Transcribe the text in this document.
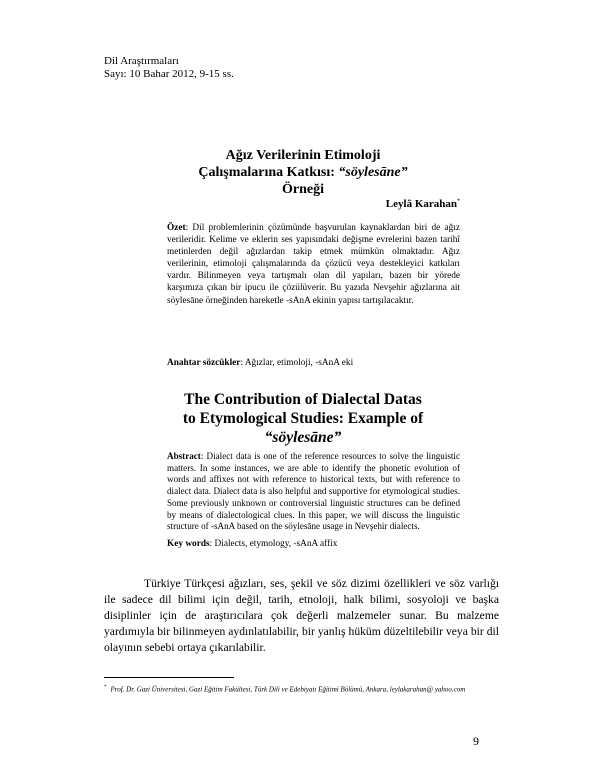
Dil Araştırmaları
Sayı: 10 Bahar 2012, 9-15 ss.
Ağız Verilerinin Etimoloji
Çalışmalarına Katkısı: “söylesāne”
Örneği
Leylâ Karahan*
Özet: Dil problemlerinin çözümünde başvurulan kaynaklardan biri de ağız verileridir. Kelime ve eklerin ses yapısındaki değişme evrelerini bazen tarihî metinlerden değil ağızlardan takip etmek mümkün olmaktadır. Ağız verilerinin, etimoloji çalışmalarında da çözücü veya destekleyici katkıları vardır. Bilinmeyen veya tartışmalı olan dil yapıları, bazen bir yörede karşımıza çıkan bir ipucu ile çözülüverir. Bu yazıda Nevşehir ağızlarına ait söylesāne örneğinden hareketle -sAnA ekinin yapısı tartışılacaktır.
Anahtar sözcükler: Ağızlar, etimoloji, -sAnA eki
The Contribution of Dialectal Datas
to Etymological Studies: Example of
“söylesāne”
Abstract: Dialect data is one of the reference resources to solve the linguistic matters. In some instances, we are able to identify the phonetic evolution of words and affixes not with reference to historical texts, but with reference to dialect data. Dialect data is also helpful and supportive for etymological studies. Some previously unknown or controversial linguistic structures can be defined by means of dialectological clues. In this paper, we will discuss the linguistic structure of -sAnA based on the söylesāne usage in Nevşehir dialects.
Key words: Dialects, etymology, -sAnA affix

Türkiye Türkçesi ağızları, ses, şekil ve söz dizimi özellikleri ve söz varlığı ile sadece dil bilimi için değil, tarih, etnoloji, halk bilimi, sosyoloji ve başka disiplinler için de araştırıcılara çok değerli malzemeler sunar. Bu malzeme yardımıyla bir bilinmeyen aydınlatılabilir, bir yanlış hüküm düzeltilebilir veya bir dil olayının sebebi ortaya çıkarılabilir.

* Prof. Dr. Gazi Üniversitesi, Gazi Eğitim Fakültesi, Türk Dili ve Edebiyatı Eğitimi Bölümü, Ankara, leylakarahan@ yahoo.com
9
